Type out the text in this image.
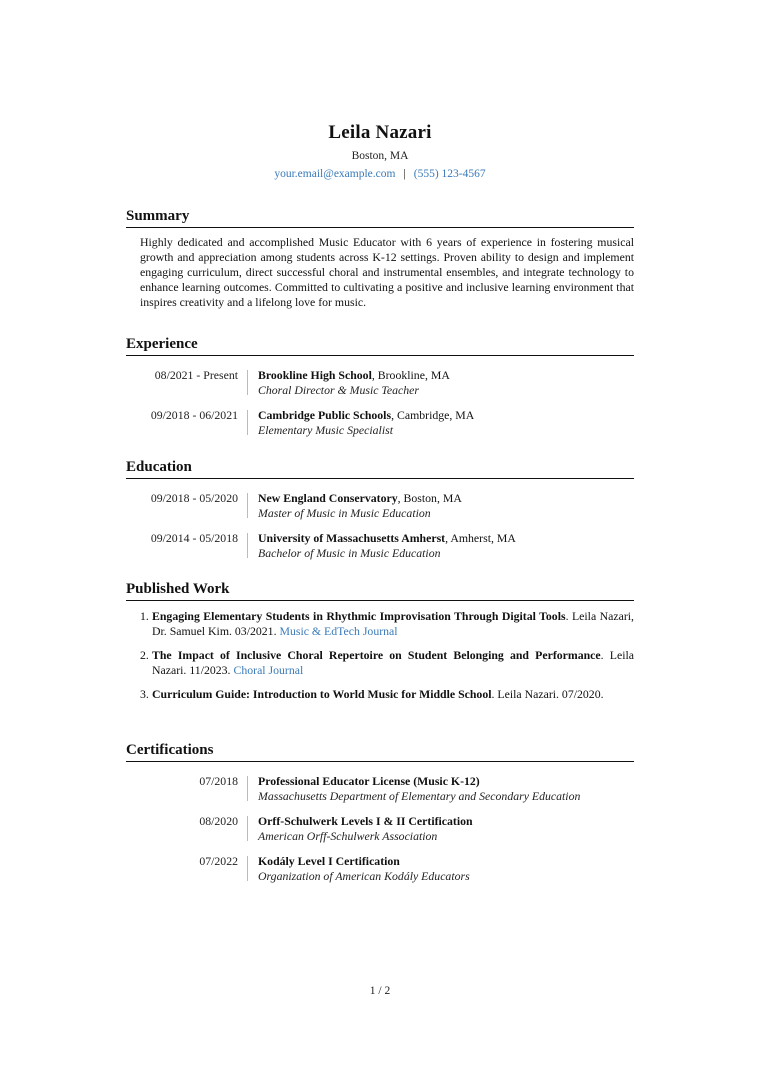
Leila Nazari
Boston, MA
your.email@example.com | (555) 123-4567
Summary
Highly dedicated and accomplished Music Educator with 6 years of experience in fostering musical growth and appreciation among students across K-12 settings. Proven ability to design and implement engaging curriculum, direct successful choral and instrumental ensembles, and integrate technology to enhance learning outcomes. Committed to cultivating a positive and inclusive learning environment that inspires creativity and a lifelong love for music.
Experience
08/2021 - Present Brookline High School, Brookline, MA
Choral Director & Music Teacher
09/2018 - 06/2021 Cambridge Public Schools, Cambridge, MA
Elementary Music Specialist
Education
09/2018 - 05/2020 New England Conservatory, Boston, MA
Master of Music in Music Education
09/2014 - 05/2018 University of Massachusetts Amherst, Amherst, MA
Bachelor of Music in Music Education
Published Work
1. Engaging Elementary Students in Rhythmic Improvisation Through Digital Tools. Leila Nazari, Dr. Samuel Kim. 03/2021. Music & EdTech Journal
2. The Impact of Inclusive Choral Repertoire on Student Belonging and Performance. Leila Nazari. 11/2023. Choral Journal
3. Curriculum Guide: Introduction to World Music for Middle School. Leila Nazari. 07/2020.
Certifications
07/2018 Professional Educator License (Music K-12)
Massachusetts Department of Elementary and Secondary Education
08/2020 Orff-Schulwerk Levels I & II Certification
American Orff-Schulwerk Association
07/2022 Kodály Level I Certification
Organization of American Kodály Educators
1 / 2
